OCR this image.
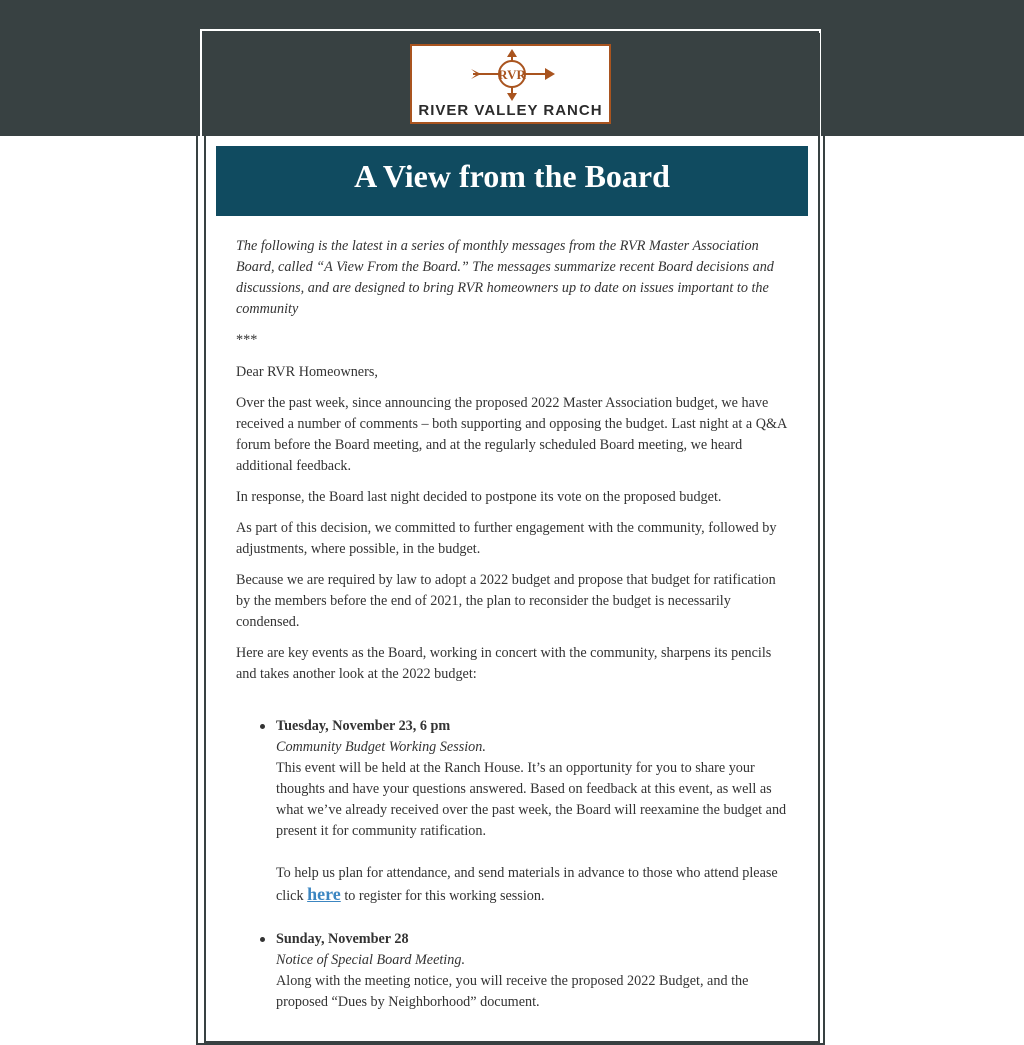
RVR
RIVER VALLEY RANCH
A View from the Board

The following is the latest in a series of monthly messages from the RVR Master Association Board, called “A View From the Board.” The messages summarize recent Board decisions and discussions, and are designed to bring RVR homeowners up to date on issues important to the community

***

Dear RVR Homeowners,

Over the past week, since announcing the proposed 2022 Master Association budget, we have received a number of comments – both supporting and opposing the budget. Last night at a Q&A forum before the Board meeting, and at the regularly scheduled Board meeting, we heard additional feedback.

In response, the Board last night decided to postpone its vote on the proposed budget.

As part of this decision, we committed to further engagement with the community, followed by adjustments, where possible, in the budget.

Because we are required by law to adopt a 2022 budget and propose that budget for ratification by the members before the end of 2021, the plan to reconsider the budget is necessarily condensed.

Here are key events as the Board, working in concert with the community, sharpens its pencils and takes another look at the 2022 budget:

Tuesday, November 23, 6 pm
Community Budget Working Session.
This event will be held at the Ranch House. It’s an opportunity for you to share your thoughts and have your questions answered. Based on feedback at this event, as well as what we’ve already received over the past week, the Board will reexamine the budget and present it for community ratification.
To help us plan for attendance, and send materials in advance to those who attend please click here to register for this working session.
Sunday, November 28
Notice of Special Board Meeting.
Along with the meeting notice, you will receive the proposed 2022 Budget, and the proposed “Dues by Neighborhood” document.
